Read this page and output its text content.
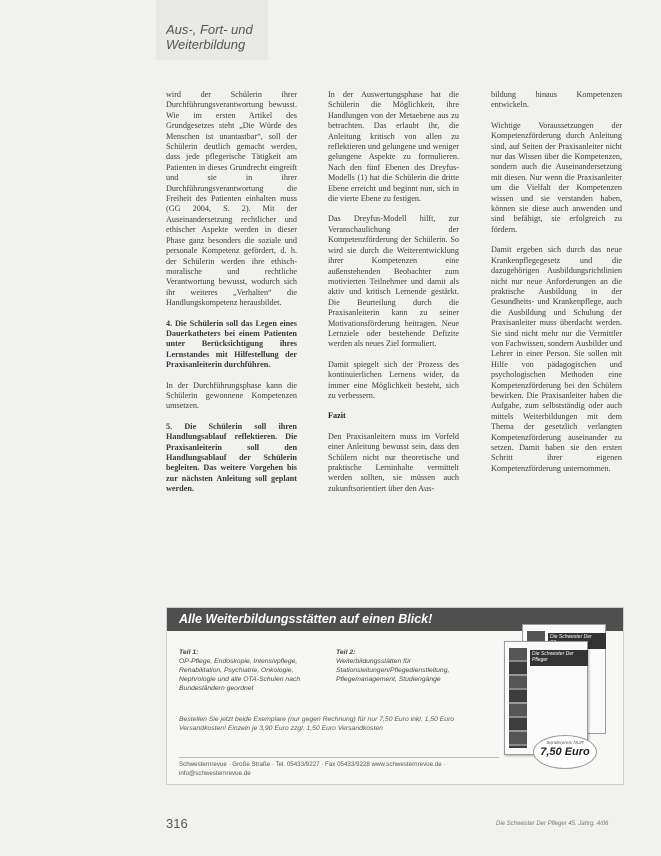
Aus-, Fort- und
Weiterbildung

wird der Schülerin ihrer Durchführungsverantwortung bewusst. Wie im ersten Artikel des Grundgesetzes steht „Die Würde des Menschen ist unantastbar“, soll der Schülerin deutlich gemacht werden, dass jede pflegerische Tätigkeit am Patienten in dieses Grundrecht eingreift und sie in ihrer Durchführungsverantwortung die Freiheit des Patienten einhalten muss (GG 2004, S. 2). Mit der Auseinandersetzung rechtlicher und ethischer Aspekte werden in dieser Phase ganz besonders die soziale und personale Kompetenz gefördert, d. h. der Schülerin werden ihre ethisch-moralische und rechtliche Verantwortung bewusst, wodurch sich ihr weiteres „Verhalten“ die Handlungskompetenz herausbildet.

4. Die Schülerin soll das Legen eines Dauerkatheters bei einem Patienten unter Berücksichtigung ihres Lernstandes mit Hilfestellung der Praxisanleiterin durchführen.

In der Durchführungsphase kann die Schülerin gewonnene Kompetenzen umsetzen.

5. Die Schülerin soll ihren Handlungsablauf reflektieren. Die Praxisanleiterin soll den Handlungsablauf der Schülerin begleiten. Das weitere Vorgehen bis zur nächsten Anleitung soll geplant werden.

In der Auswertungsphase hat die Schülerin die Möglichkeit, ihre Handlungen von der Metaebene aus zu betrachten. Das erlaubt ihr, die Anleitung kritisch von allen zu reflektieren und gelungene und weniger gelungene Aspekte zu formulieren. Nach den fünf Ebenen des Dreyfus-Modells (1) hat die Schülerin die dritte Ebene erreicht und beginnt nun, sich in die vierte Ebene zu festigen.

Das Dreyfus-Modell hilft, zur Veranschaulichung der Kompetenzförderung der Schülerin. So wird sie durch die Weiterentwicklung ihrer Kompetenzen eine außenstehenden Beobachter zum motivierten Teilnehmer und damit als aktiv und kritisch Lernende gestärkt. Die Beurteilung durch die Praxisanleiterin kann zu seiner Motivationsförderung beitragen. Neue Lernziele oder bestehende Defizite werden als neues Ziel formuliert.

Damit spiegelt sich der Prozess des kontinuierlichen Lernens wider, da immer eine Möglichkeit besteht, sich zu verbessern.

Fazit

Den Praxisanleitern muss im Vorfeld einer Anleitung bewusst sein, dass den Schülern nicht nur theoretische und praktische Lerninhalte vermittelt werden sollten, sie müssen auch zukunftsorientiert über den Aus-

bildung hinaus Kompetenzen entwickeln.

Wichtige Voraussetzungen der Kompetenzförderung durch Anleitung sind, auf Seiten der Praxisanleiter nicht nur das Wissen über die Kompetenzen, sondern auch die Auseinandersetzung mit diesen. Nur wenn die Praxisanleiter um die Vielfalt der Kompetenzen wissen und sie verstanden haben, können sie diese auch anwenden und sind befähigt, sie erfolgreich zu fördern.

Damit ergeben sich durch das neue Krankenpflegegesetz und die dazugehörigen Ausbildungsrichtlinien nicht nur neue Anforderungen an die praktische Ausbildung in der Gesundheits- und Krankenpflege, auch die Ausbildung und Schulung der Praxisanleiter muss überdacht werden. Sie sind nicht mehr nur die Vermittler von Fachwissen, sondern Ausbilder und Lehrer in einer Person. Sie sollen mit Hilfe von pädagogischen und psychologischen Methoden eine Kompetenzförderung bei den Schülern bewirken. Die Praxisanleiter haben die Aufgabe, zum selbstständig oder auch mittels Weiterbildungen mit dem Thema der gesetzlich verlangten Kompetenzförderung auseinander zu setzen. Damit haben sie den ersten Schritt ihrer eigenen Kompetenzförderung unternommen.

Alle Weiterbildungsstätten auf einen Blick!
Teil 1:
OP-Pflege, Endoskopie, Intensivpflege, Rehabilitation, Psychiatrie, Onkologie, Nephrologie und alle OTA-Schulen nach Bundesländern geordnet
Teil 2:
Weiterbildungsstätten für Stationsleitungen/Pflegedienstleitung, Pflegemanagement, Studiengänge
Bestellen Sie jetzt beide Exemplare (nur gegen Rechnung) für nur 7,50 Euro inkl. 1,50 Euro Versandkosten! Einzeln je 3,90 Euro zzgl. 1,50 Euro Versandkosten
Schwesternrevue · Große Straße · Tel. 05433/9227 · Fax 05433/9228 www.schwesternrevue.de · info@schwesternrevue.de
Die Schwester Der
Die Schwester Der Pfleger
Sonderpreis NUR
7,50 Euro
316	Die Schwester Der Pfleger 45. Jahrg. 4/06
